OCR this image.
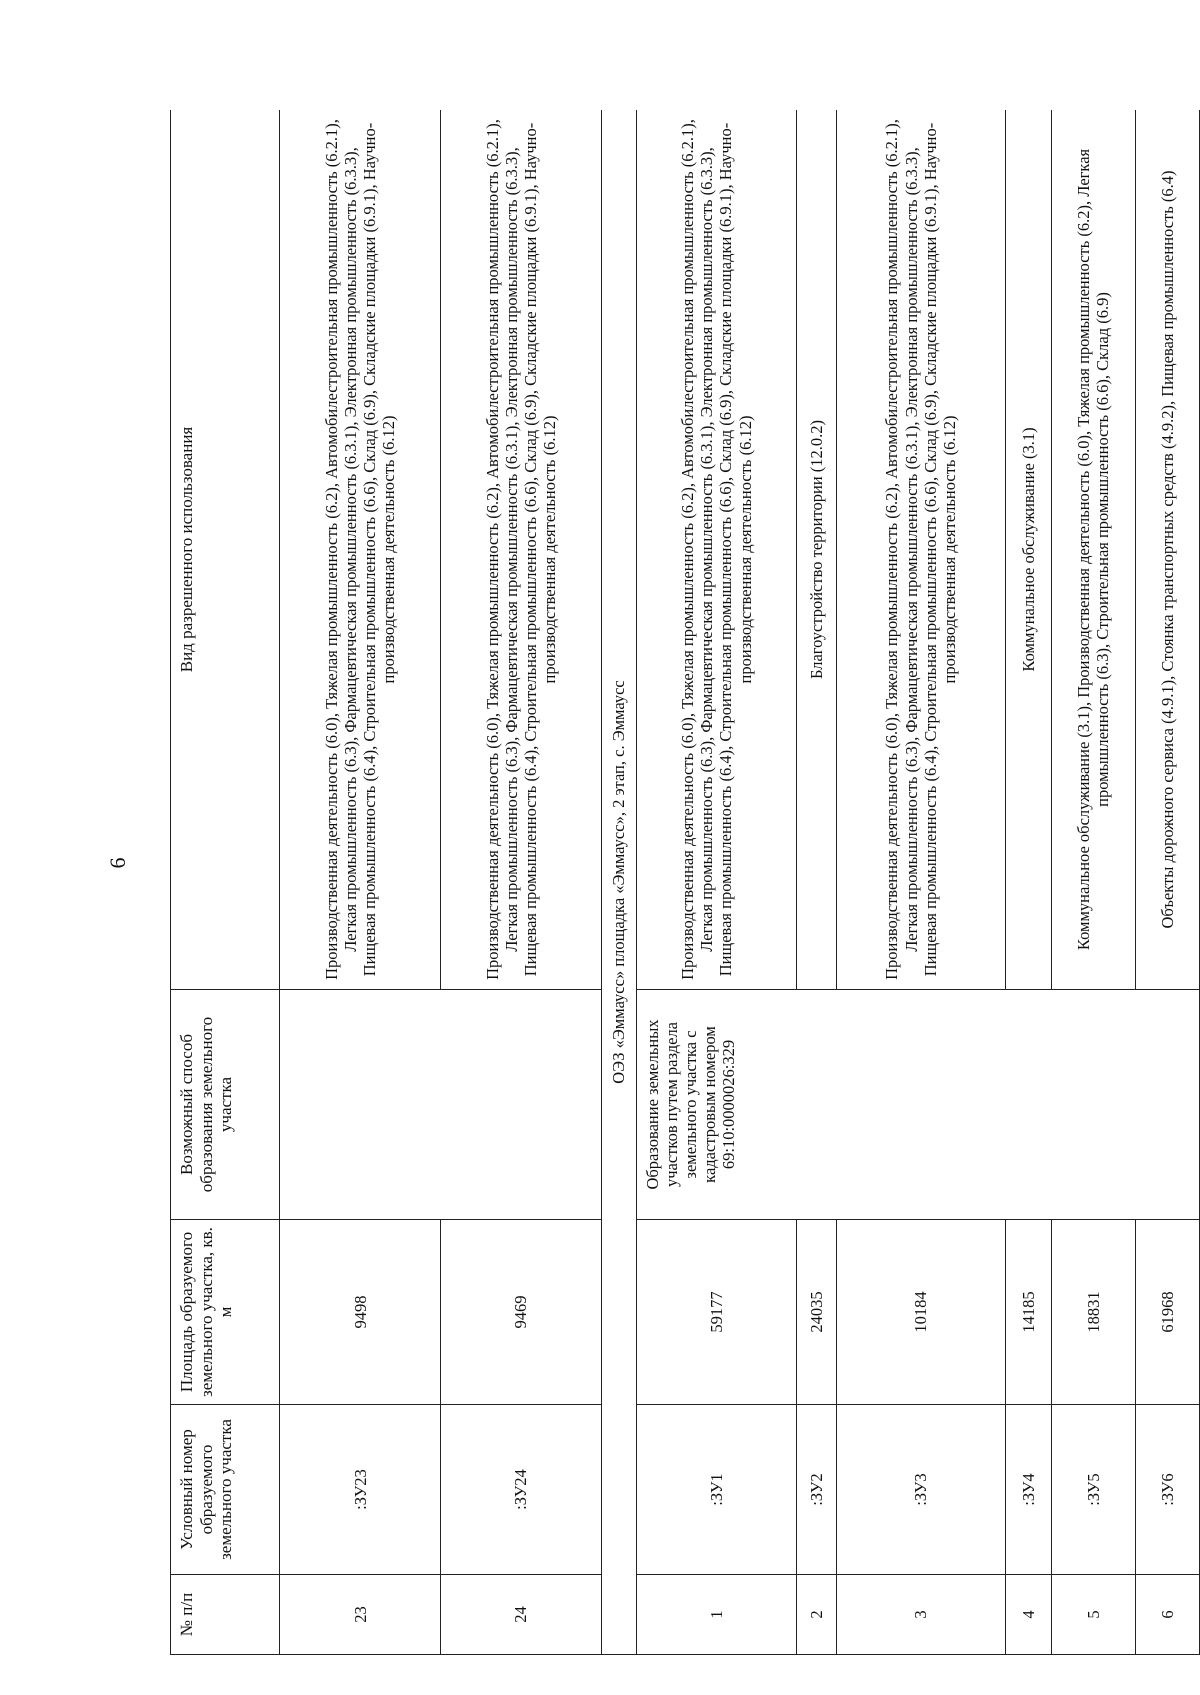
6
№ п/п	Условный номер образуемого земельного участка	Площадь образуемого земельного участка, кв. м	Возможный способ образования земельного участка	Вид разрешенного использования
23	:ЗУ23	9498		Производственная деятельность (6.0), Тяжелая промышленность (6.2), Автомобилестроительная промышленность (6.2.1), Легкая промышленность (6.3), Фармацевтическая промышленность (6.3.1), Электронная промышленность (6.3.3), Пищевая промышленность (6.4), Строительная промышленность (6.6), Склад (6.9), Складские площадки (6.9.1), Научно-производственная деятельность (6.12)
24	:ЗУ24	9469		Производственная деятельность (6.0), Тяжелая промышленность (6.2), Автомобилестроительная промышленность (6.2.1), Легкая промышленность (6.3), Фармацевтическая промышленность (6.3.1), Электронная промышленность (6.3.3), Пищевая промышленность (6.4), Строительная промышленность (6.6), Склад (6.9), Складские площадки (6.9.1), Научно-производственная деятельность (6.12)
ОЭЗ «Эммаусс» площадка «Эммаусс», 2 этап, с. Эммаусс				
1	:ЗУ1	59177	Образование земельных участков путем раздела земельного участка с кадастровым номером 69:10:0000026:329	Производственная деятельность (6.0), Тяжелая промышленность (6.2), Автомобилестроительная промышленность (6.2.1), Легкая промышленность (6.3), Фармацевтическая промышленность (6.3.1), Электронная промышленность (6.3.3), Пищевая промышленность (6.4), Строительная промышленность (6.6), Склад (6.9), Складские площадки (6.9.1), Научно-производственная деятельность (6.12)
2	:ЗУ2	24035		Благоустройство территории (12.0.2)
3	:ЗУ3	10184		Производственная деятельность (6.0), Тяжелая промышленность (6.2), Автомобилестроительная промышленность (6.2.1), Легкая промышленность (6.3), Фармацевтическая промышленность (6.3.1), Электронная промышленность (6.3.3), Пищевая промышленность (6.4), Строительная промышленность (6.6), Склад (6.9), Складские площадки (6.9.1), Научно-производственная деятельность (6.12)
4	:ЗУ4	14185		Коммунальное обслуживание (3.1)
5	:ЗУ5	18831		Коммунальное обслуживание (3.1), Производственная деятельность (6.0), Тяжелая промышленность (6.2), Легкая промышленность (6.3), Строительная промышленность (6.6), Склад (6.9)
6	:ЗУ6	61968		Объекты дорожного сервиса (4.9.1), Стоянка транспортных средств (4.9.2), Пищевая промышленность (6.4)
